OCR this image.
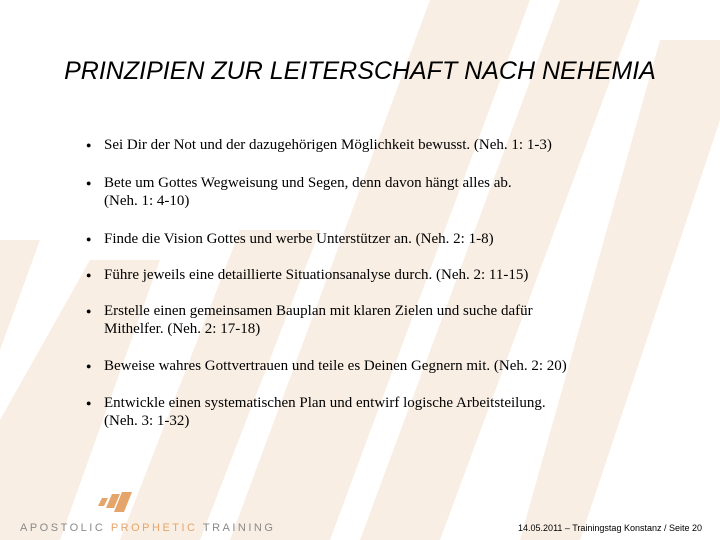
PRINZIPIEN ZUR LEITERSCHAFT NACH NEHEMIA
● Sei Dir der Not und der dazugehörigen Möglichkeit bewusst. (Neh. 1: 1-3)
● Bete um Gottes Wegweisung und Segen, denn davon hängt alles ab.
(Neh. 1: 4-10)
● Finde die Vision Gottes und werbe Unterstützer an. (Neh. 2: 1-8)
● Führe jeweils eine detaillierte Situationsanalyse durch. (Neh. 2: 11-15)
● Erstelle einen gemeinsamen Bauplan mit klaren Zielen und suche dafür
Mithelfer. (Neh. 2: 17-18)
● Beweise wahres Gottvertrauen und teile es Deinen Gegnern mit. (Neh. 2: 20)
● Entwickle einen systematischen Plan und entwirf logische Arbeitsteilung.
(Neh. 3: 1-32)
APOSTOLIC PROPHETIC TRAINING	14.05.2011 – Trainingstag Konstanz / Seite 20
